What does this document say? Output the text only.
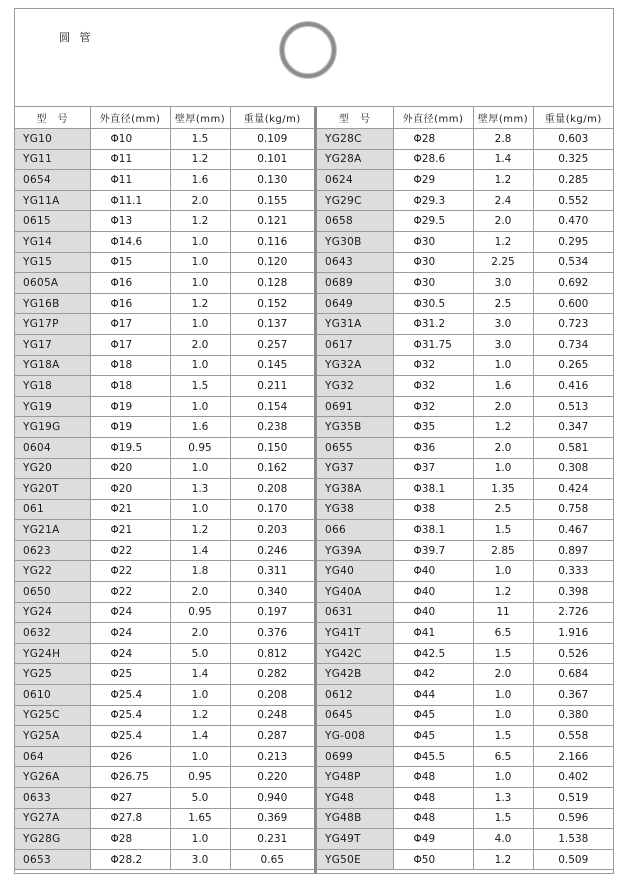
圆 管
型　号	外直径(mm)	壁厚(mm)	重量(kg/m)
YG10	Φ10	1.5	0.109
YG11	Φ11	1.2	0.101
0654	Φ11	1.6	0.130
YG11A	Φ11.1	2.0	0.155
0615	Φ13	1.2	0.121
YG14	Φ14.6	1.0	0.116
YG15	Φ15	1.0	0.120
0605A	Φ16	1.0	0.128
YG16B	Φ16	1.2	0.152
YG17P	Φ17	1.0	0.137
YG17	Φ17	2.0	0.257
YG18A	Φ18	1.0	0.145
YG18	Φ18	1.5	0.211
YG19	Φ19	1.0	0.154
YG19G	Φ19	1.6	0.238
0604	Φ19.5	0.95	0.150
YG20	Φ20	1.0	0.162
YG20T	Φ20	1.3	0.208
061	Φ21	1.0	0.170
YG21A	Φ21	1.2	0.203
0623	Φ22	1.4	0.246
YG22	Φ22	1.8	0.311
0650	Φ22	2.0	0.340
YG24	Φ24	0.95	0.197
0632	Φ24	2.0	0.376
YG24H	Φ24	5.0	0.812
YG25	Φ25	1.4	0.282
0610	Φ25.4	1.0	0.208
YG25C	Φ25.4	1.2	0.248
YG25A	Φ25.4	1.4	0.287
064	Φ26	1.0	0.213
YG26A	Φ26.75	0.95	0.220
0633	Φ27	5.0	0.940
YG27A	Φ27.8	1.65	0.369
YG28G	Φ28	1.0	0.231
0653	Φ28.2	3.0	0.65
型　号	外直径(mm)	壁厚(mm)	重量(kg/m)
YG28C	Φ28	2.8	0.603
YG28A	Φ28.6	1.4	0.325
0624	Φ29	1.2	0.285
YG29C	Φ29.3	2.4	0.552
0658	Φ29.5	2.0	0.470
YG30B	Φ30	1.2	0.295
0643	Φ30	2.25	0.534
0689	Φ30	3.0	0.692
0649	Φ30.5	2.5	0.600
YG31A	Φ31.2	3.0	0.723
0617	Φ31.75	3.0	0.734
YG32A	Φ32	1.0	0.265
YG32	Φ32	1.6	0.416
0691	Φ32	2.0	0.513
YG35B	Φ35	1.2	0.347
0655	Φ36	2.0	0.581
YG37	Φ37	1.0	0.308
YG38A	Φ38.1	1.35	0.424
YG38	Φ38	2.5	0.758
066	Φ38.1	1.5	0.467
YG39A	Φ39.7	2.85	0.897
YG40	Φ40	1.0	0.333
YG40A	Φ40	1.2	0.398
0631	Φ40	11	2.726
YG41T	Φ41	6.5	1.916
YG42C	Φ42.5	1.5	0.526
YG42B	Φ42	2.0	0.684
0612	Φ44	1.0	0.367
0645	Φ45	1.0	0.380
YG-008	Φ45	1.5	0.558
0699	Φ45.5	6.5	2.166
YG48P	Φ48	1.0	0.402
YG48	Φ48	1.3	0.519
YG48B	Φ48	1.5	0.596
YG49T	Φ49	4.0	1.538
YG50E	Φ50	1.2	0.509
